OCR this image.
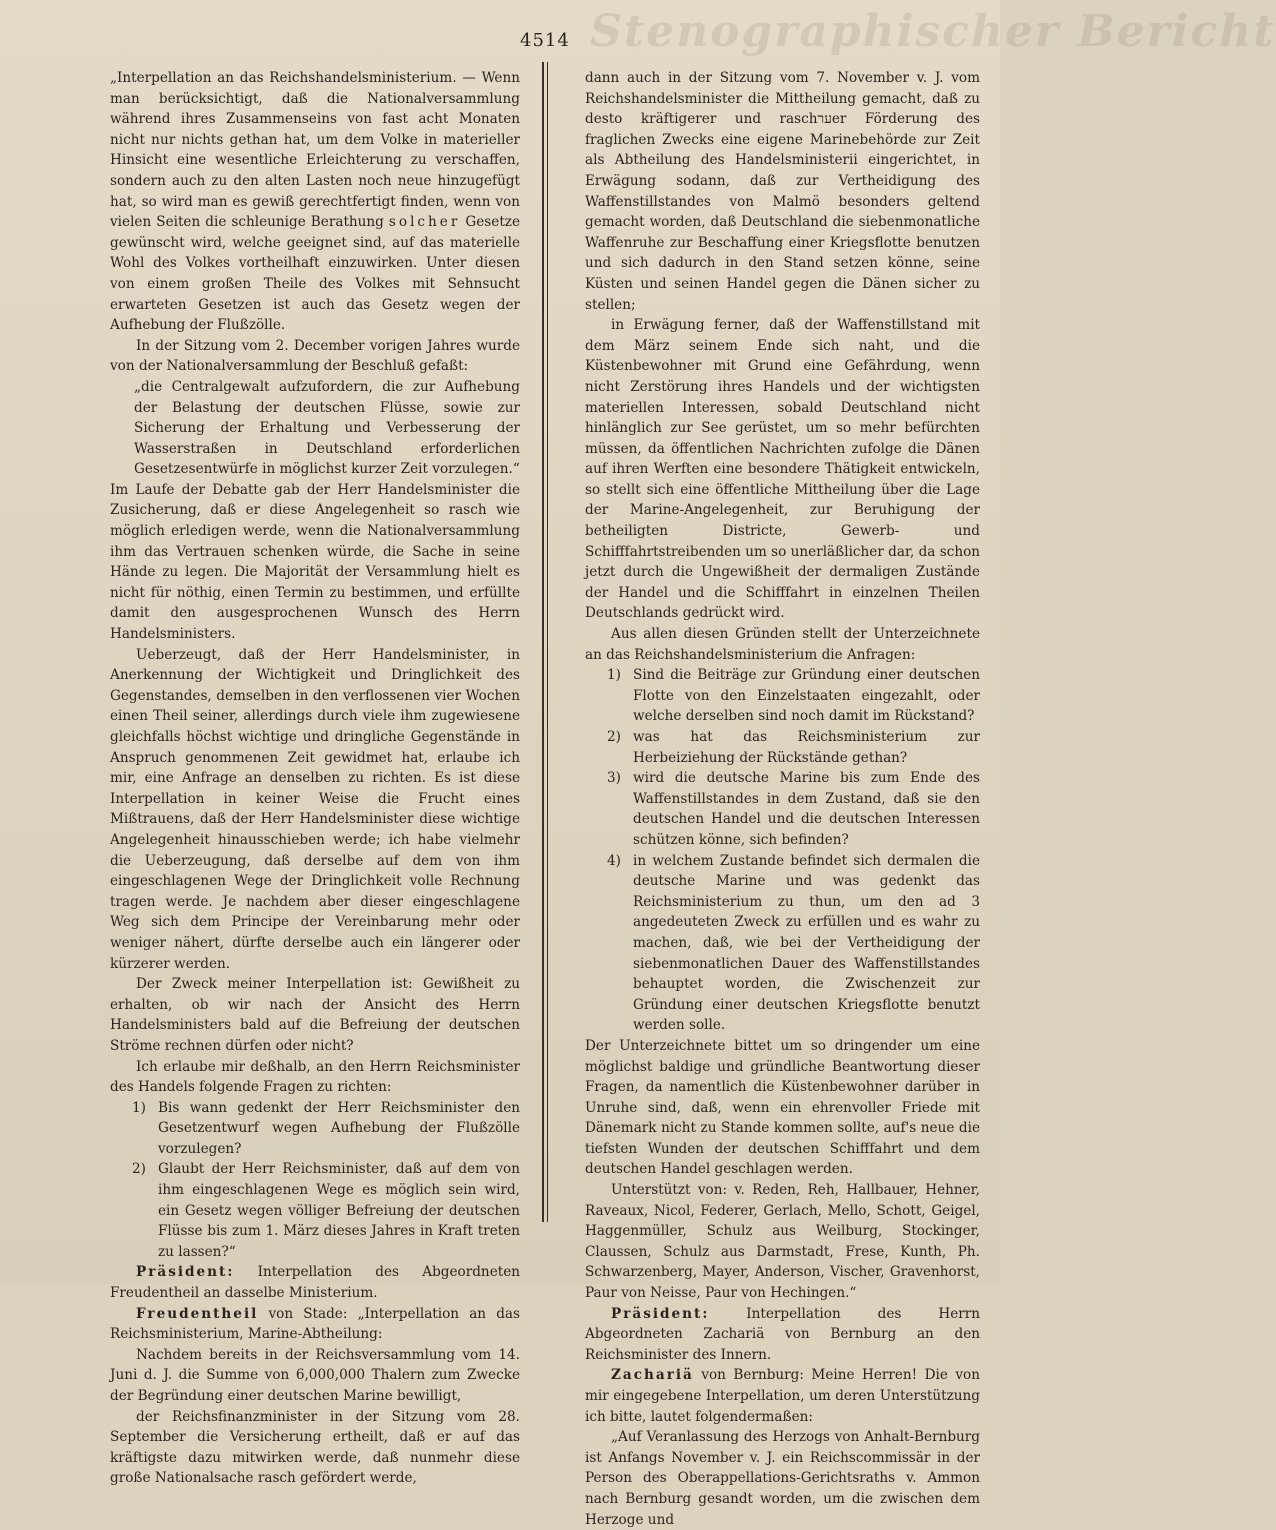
Stenographischer Bericht
4514

„Interpellation an das Reichshandelsministerium. — Wenn man berücksichtigt, daß die Nationalversammlung während ihres Zusammenseins von fast acht Monaten nicht nur nichts gethan hat, um dem Volke in materieller Hinsicht eine wesentliche Erleichterung zu verschaffen, sondern auch zu den alten Lasten noch neue hinzugefügt hat, so wird man es gewiß gerechtfertigt finden, wenn von vielen Seiten die schleunige Berathung solcher Gesetze gewünscht wird, welche geeignet sind, auf das materielle Wohl des Volkes vortheilhaft einzuwirken. Unter diesen von einem großen Theile des Volkes mit Sehnsucht erwarteten Gesetzen ist auch das Gesetz wegen der Aufhebung der Flußzölle.

In der Sitzung vom 2. December vorigen Jahres wurde von der Nationalversammlung der Beschluß gefaßt:

„die Centralgewalt aufzufordern, die zur Aufhebung der Belastung der deutschen Flüsse, sowie zur Sicherung der Erhaltung und Verbesserung der Wasserstraßen in Deutschland erforderlichen Gesetzesentwürfe in möglichst kurzer Zeit vorzulegen.“

Im Laufe der Debatte gab der Herr Handelsminister die Zusicherung, daß er diese Angelegenheit so rasch wie möglich erledigen werde, wenn die Nationalversammlung ihm das Vertrauen schenken würde, die Sache in seine Hände zu legen. Die Majorität der Versammlung hielt es nicht für nöthig, einen Termin zu bestimmen, und erfüllte damit den ausgesprochenen Wunsch des Herrn Handelsministers.

Ueberzeugt, daß der Herr Handelsminister, in Anerkennung der Wichtigkeit und Dringlichkeit des Gegenstandes, demselben in den verflossenen vier Wochen einen Theil seiner, allerdings durch viele ihm zugewiesene gleichfalls höchst wichtige und dringliche Gegenstände in Anspruch genommenen Zeit gewidmet hat, erlaube ich mir, eine Anfrage an denselben zu richten. Es ist diese Interpellation in keiner Weise die Frucht eines Mißtrauens, daß der Herr Handelsminister diese wichtige Angelegenheit hinausschieben werde; ich habe vielmehr die Ueberzeugung, daß derselbe auf dem von ihm eingeschlagenen Wege der Dringlichkeit volle Rechnung tragen werde. Je nachdem aber dieser eingeschlagene Weg sich dem Principe der Vereinbarung mehr oder weniger nähert, dürfte derselbe auch ein längerer oder kürzerer werden.

Der Zweck meiner Interpellation ist: Gewißheit zu erhalten, ob wir nach der Ansicht des Herrn Handelsministers bald auf die Befreiung der deutschen Ströme rechnen dürfen oder nicht?

Ich erlaube mir deßhalb, an den Herrn Reichsminister des Handels folgende Fragen zu richten:

1) Bis wann gedenkt der Herr Reichsminister den Gesetzentwurf wegen Aufhebung der Flußzölle vorzulegen?
2) Glaubt der Herr Reichsminister, daß auf dem von ihm eingeschlagenen Wege es möglich sein wird, ein Gesetz wegen völliger Befreiung der deutschen Flüsse bis zum 1. März dieses Jahres in Kraft treten zu lassen?“

Präsident: Interpellation des Abgeordneten Freudentheil an dasselbe Ministerium.

Freudentheil von Stade: „Interpellation an das Reichsministerium, Marine-Abtheilung:

Nachdem bereits in der Reichsversammlung vom 14. Juni d. J. die Summe von 6,000,000 Thalern zum Zwecke der Begründung einer deutschen Marine bewilligt,

der Reichsfinanzminister in der Sitzung vom 28. September die Versicherung ertheilt, daß er auf das kräftigste dazu mitwirken werde, daß nunmehr diese große Nationalsache rasch gefördert werde,

dann auch in der Sitzung vom 7. November v. J. vom Reichshandelsminister die Mittheilung gemacht, daß zu desto kräftigerer und raschערer Förderung des fraglichen Zwecks eine eigene Marinebehörde zur Zeit als Abtheilung des Handelsministerii eingerichtet, in Erwägung sodann, daß zur Vertheidigung des Waffenstillstandes von Malmö besonders geltend gemacht worden, daß Deutschland die siebenmonatliche Waffenruhe zur Beschaffung einer Kriegsflotte benutzen und sich dadurch in den Stand setzen könne, seine Küsten und seinen Handel gegen die Dänen sicher zu stellen;

in Erwägung ferner, daß der Waffenstillstand mit dem März seinem Ende sich naht, und die Küstenbewohner mit Grund eine Gefährdung, wenn nicht Zerstörung ihres Handels und der wichtigsten materiellen Interessen, sobald Deutschland nicht hinlänglich zur See gerüstet, um so mehr befürchten müssen, da öffentlichen Nachrichten zufolge die Dänen auf ihren Werften eine besondere Thätigkeit entwickeln, so stellt sich eine öffentliche Mittheilung über die Lage der Marine-Angelegenheit, zur Beruhigung der betheiligten Districte, Gewerb- und Schifffahrtstreibenden um so unerläßlicher dar, da schon jetzt durch die Ungewißheit der dermaligen Zustände der Handel und die Schifffahrt in einzelnen Theilen Deutschlands gedrückt wird.

Aus allen diesen Gründen stellt der Unterzeichnete an das Reichshandelsministerium die Anfragen:

1) Sind die Beiträge zur Gründung einer deutschen Flotte von den Einzelstaaten eingezahlt, oder welche derselben sind noch damit im Rückstand?
2) was hat das Reichsministerium zur Herbeiziehung der Rückstände gethan?
3) wird die deutsche Marine bis zum Ende des Waffenstillstandes in dem Zustand, daß sie den deutschen Handel und die deutschen Interessen schützen könne, sich befinden?
4) in welchem Zustande befindet sich dermalen die deutsche Marine und was gedenkt das Reichsministerium zu thun, um den ad 3 angedeuteten Zweck zu erfüllen und es wahr zu machen, daß, wie bei der Vertheidigung der siebenmonatlichen Dauer des Waffenstillstandes behauptet worden, die Zwischenzeit zur Gründung einer deutschen Kriegsflotte benutzt werden solle.

Der Unterzeichnete bittet um so dringender um eine möglichst baldige und gründliche Beantwortung dieser Fragen, da namentlich die Küstenbewohner darüber in Unruhe sind, daß, wenn ein ehrenvoller Friede mit Dänemark nicht zu Stande kommen sollte, auf's neue die tiefsten Wunden der deutschen Schifffahrt und dem deutschen Handel geschlagen werden.

Unterstützt von: v. Reden, Reh, Hallbauer, Hehner, Raveaux, Nicol, Federer, Gerlach, Mello, Schott, Geigel, Haggenmüller, Schulz aus Weilburg, Stockinger, Claussen, Schulz aus Darmstadt, Frese, Kunth, Ph. Schwarzenberg, Mayer, Anderson, Vischer, Gravenhorst, Paur von Neisse, Paur von Hechingen.“

Präsident: Interpellation des Herrn Abgeordneten Zachariä von Bernburg an den Reichsminister des Innern.

Zachariä von Bernburg: Meine Herren! Die von mir eingegebene Interpellation, um deren Unterstützung ich bitte, lautet folgendermaßen:

„Auf Veranlassung des Herzogs von Anhalt-Bernburg ist Anfangs November v. J. ein Reichscommissär in der Person des Oberappellations-Gerichtsraths v. Ammon nach Bernburg gesandt worden, um die zwischen dem Herzoge und
